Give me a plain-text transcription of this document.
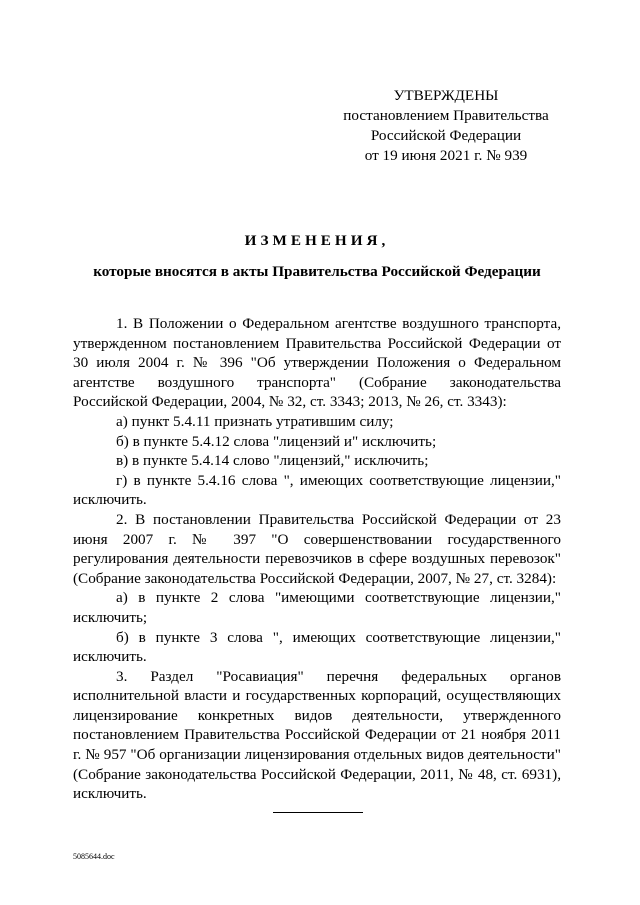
УТВЕРЖДЕНЫ
постановлением Правительства
Российской Федерации
от 19 июня 2021 г. № 939
ИЗМЕНЕНИЯ,
которые вносятся в акты Правительства Российской Федерации

1. В Положении о Федеральном агентстве воздушного транспорта, утвержденном постановлением Правительства Российской Федерации от 30 июля 2004 г. № 396 "Об утверждении Положения о Федеральном агентстве воздушного транспорта" (Собрание законодательства Российской Федерации, 2004, № 32, ст. 3343; 2013, № 26, ст. 3343):

а) пункт 5.4.11 признать утратившим силу;

б) в пункте 5.4.12 слова "лицензий и" исключить;

в) в пункте 5.4.14 слово "лицензий," исключить;

г) в пункте 5.4.16 слова ", имеющих соответствующие лицензии," исключить.

2. В постановлении Правительства Российской Федерации от 23 июня 2007 г. № 397 "О совершенствовании государственного регулирования деятельности перевозчиков в сфере воздушных перевозок" (Собрание законодательства Российской Федерации, 2007, № 27, ст. 3284):

а) в пункте 2 слова "имеющими соответствующие лицензии," исключить;

б) в пункте 3 слова ", имеющих соответствующие лицензии," исключить.

3. Раздел "Росавиация" перечня федеральных органов исполнительной власти и государственных корпораций, осуществляющих лицензирование конкретных видов деятельности, утвержденного постановлением Правительства Российской Федерации от 21 ноября 2011 г. № 957 "Об организации лицензирования отдельных видов деятельности" (Собрание законодательства Российской Федерации, 2011, № 48, ст. 6931), исключить.

5085644.doc
